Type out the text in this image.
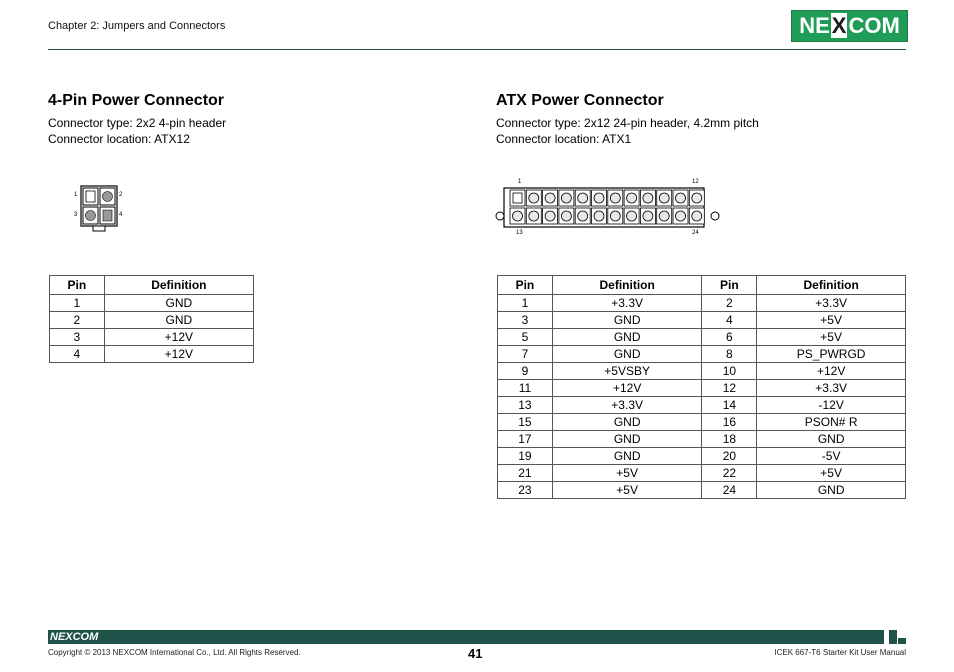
Chapter 2: Jumpers and Connectors	NEXCOM
4-Pin Power Connector
Connector type: 2x2 4-pin header
Connector location: ATX12
1	2
3	4
Pin	Definition
1	GND
2	GND
3	+12V
4	+12V
ATX Power Connector
Connector type: 2x12 24-pin header, 4.2mm pitch
Connector location: ATX1
1	12
13	24
Pin	Definition	Pin	Definition
1	+3.3V	2	+3.3V
3	GND	4	+5V
5	GND	6	+5V
7	GND	8	PS_PWRGD
9	+5VSBY	10	+12V
11	+12V	12	+3.3V
13	+3.3V	14	-12V
15	GND	16	PSON# R
17	GND	18	GND
19	GND	20	-5V
21	+5V	22	+5V
23	+5V	24	GND
NEXCOM
Copyright © 2013 NEXCOM International Co., Ltd. All Rights Reserved.	41	ICEK 667-T6 Starter Kit User Manual
